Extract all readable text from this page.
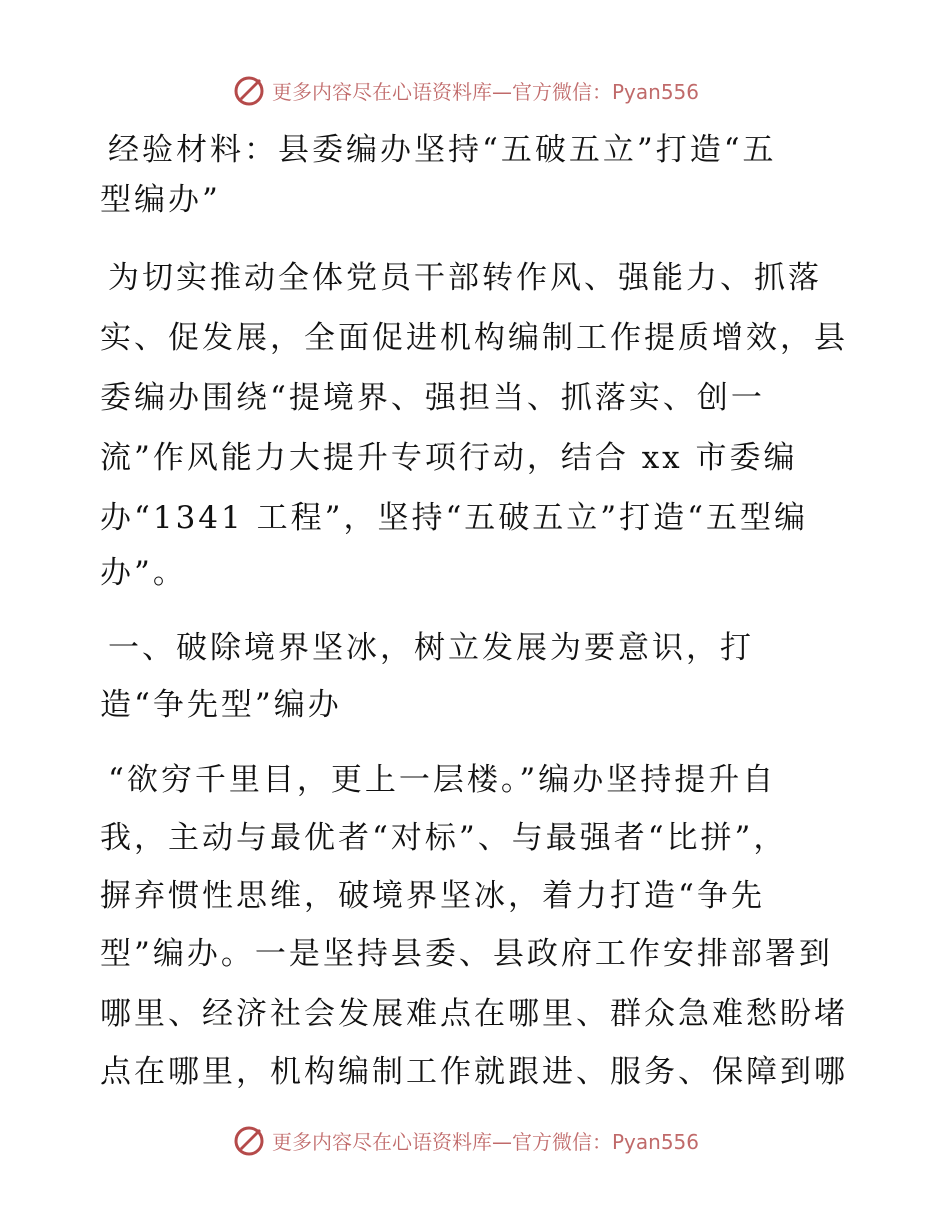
更多内容尽在心语资料库—官方微信：Pyan556
经验材料：县委编办坚持“五破五立”打造“五
型编办”
为切实推动全体党员干部转作风、强能力、抓落
实、促发展，全面促进机构编制工作提质增效，县
委编办围绕“提境界、强担当、抓落实、创一
流”作风能力大提升专项行动，结合 xx 市委编
办“1341 工程”，坚持“五破五立”打造“五型编
办”。
一、破除境界坚冰，树立发展为要意识，打
造“争先型”编办
“欲穷千里目，更上一层楼。”编办坚持提升自
我，主动与最优者“对标”、与最强者“比拼”，
摒弃惯性思维，破境界坚冰，着力打造“争先
型”编办。一是坚持县委、县政府工作安排部署到
哪里、经济社会发展难点在哪里、群众急难愁盼堵
点在哪里，机构编制工作就跟进、服务、保障到哪
更多内容尽在心语资料库—官方微信：Pyan556
